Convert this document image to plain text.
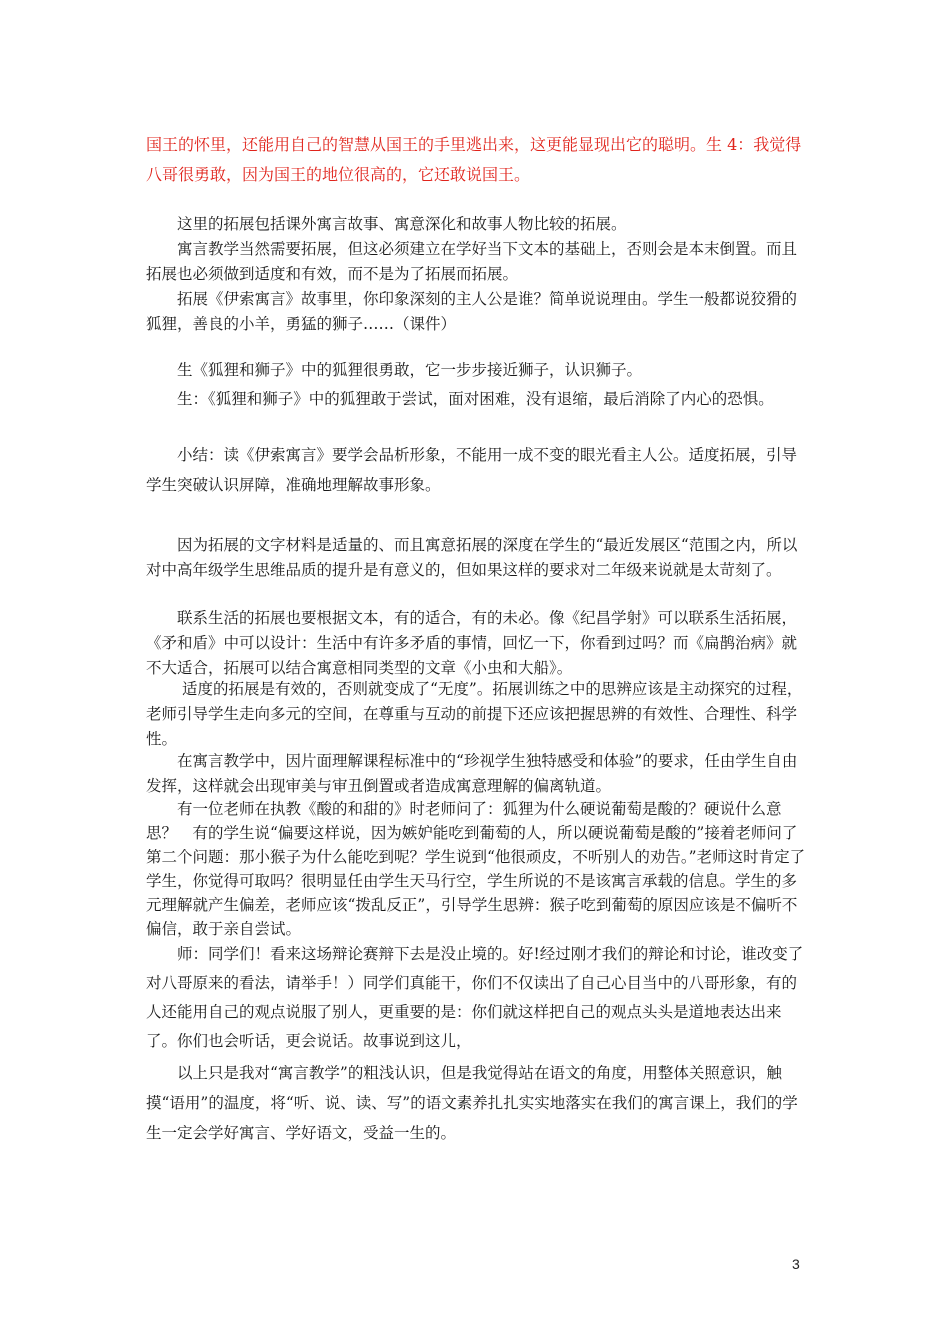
国王的怀里，还能用自己的智慧从国王的手里逃出来，这更能显现出它的聪明。生 4：我觉得八哥很勇敢，因为国王的地位很高的，它还敢说国王。

这里的拓展包括课外寓言故事、寓意深化和故事人物比较的拓展。

寓言教学当然需要拓展，但这必须建立在学好当下文本的基础上，否则会是本末倒置。而且拓展也必须做到适度和有效，而不是为了拓展而拓展。

拓展《伊索寓言》故事里，你印象深刻的主人公是谁？简单说说理由。学生一般都说狡猾的狐狸，善良的小羊，勇猛的狮子……（课件）

生《狐狸和狮子》中的狐狸很勇敢，它一步步接近狮子，认识狮子。

生：《狐狸和狮子》中的狐狸敢于尝试，面对困难，没有退缩，最后消除了内心的恐惧。

小结：读《伊索寓言》要学会品析形象，不能用一成不变的眼光看主人公。适度拓展，引导学生突破认识屏障，准确地理解故事形象。

因为拓展的文字材料是适量的、而且寓意拓展的深度在学生的“最近发展区“范围之内，所以对中高年级学生思维品质的提升是有意义的，但如果这样的要求对二年级来说就是太苛刻了。

联系生活的拓展也要根据文本，有的适合，有的未必。像《纪昌学射》可以联系生活拓展，《矛和盾》中可以设计：生活中有许多矛盾的事情，回忆一下，你看到过吗？而《扁鹊治病》就不大适合，拓展可以结合寓意相同类型的文章《小虫和大船》。

适度的拓展是有效的，否则就变成了“无度”。拓展训练之中的思辨应该是主动探究的过程，老师引导学生走向多元的空间，在尊重与互动的前提下还应该把握思辨的有效性、合理性、科学性。

在寓言教学中，因片面理解课程标准中的“珍视学生独特感受和体验”的要求，任由学生自由发挥，这样就会出现审美与审丑倒置或者造成寓意理解的偏离轨道。

有一位老师在执教《酸的和甜的》时老师问了：狐狸为什么硬说葡萄是酸的？硬说什么意思？　有的学生说“偏要这样说，因为嫉妒能吃到葡萄的人，所以硬说葡萄是酸的”接着老师问了第二个问题：那小猴子为什么能吃到呢？学生说到“他很顽皮，不听别人的劝告。”老师这时肯定了学生，你觉得可取吗？很明显任由学生天马行空，学生所说的不是该寓言承载的信息。学生的多元理解就产生偏差，老师应该“拨乱反正”，引导学生思辨：猴子吃到葡萄的原因应该是不偏听不偏信，敢于亲自尝试。

师：同学们！看来这场辩论赛辩下去是没止境的。好!经过刚才我们的辩论和讨论，谁改变了对八哥原来的看法，请举手！）同学们真能干，你们不仅读出了自己心目当中的八哥形象，有的人还能用自己的观点说服了别人，更重要的是：你们就这样把自己的观点头头是道地表达出来了。你们也会听话，更会说话。故事说到这儿，

以上只是我对“寓言教学”的粗浅认识，但是我觉得站在语文的角度，用整体关照意识，触摸“语用”的温度，将“听、说、读、写”的语文素养扎扎实实地落实在我们的寓言课上，我们的学生一定会学好寓言、学好语文，受益一生的。

3
